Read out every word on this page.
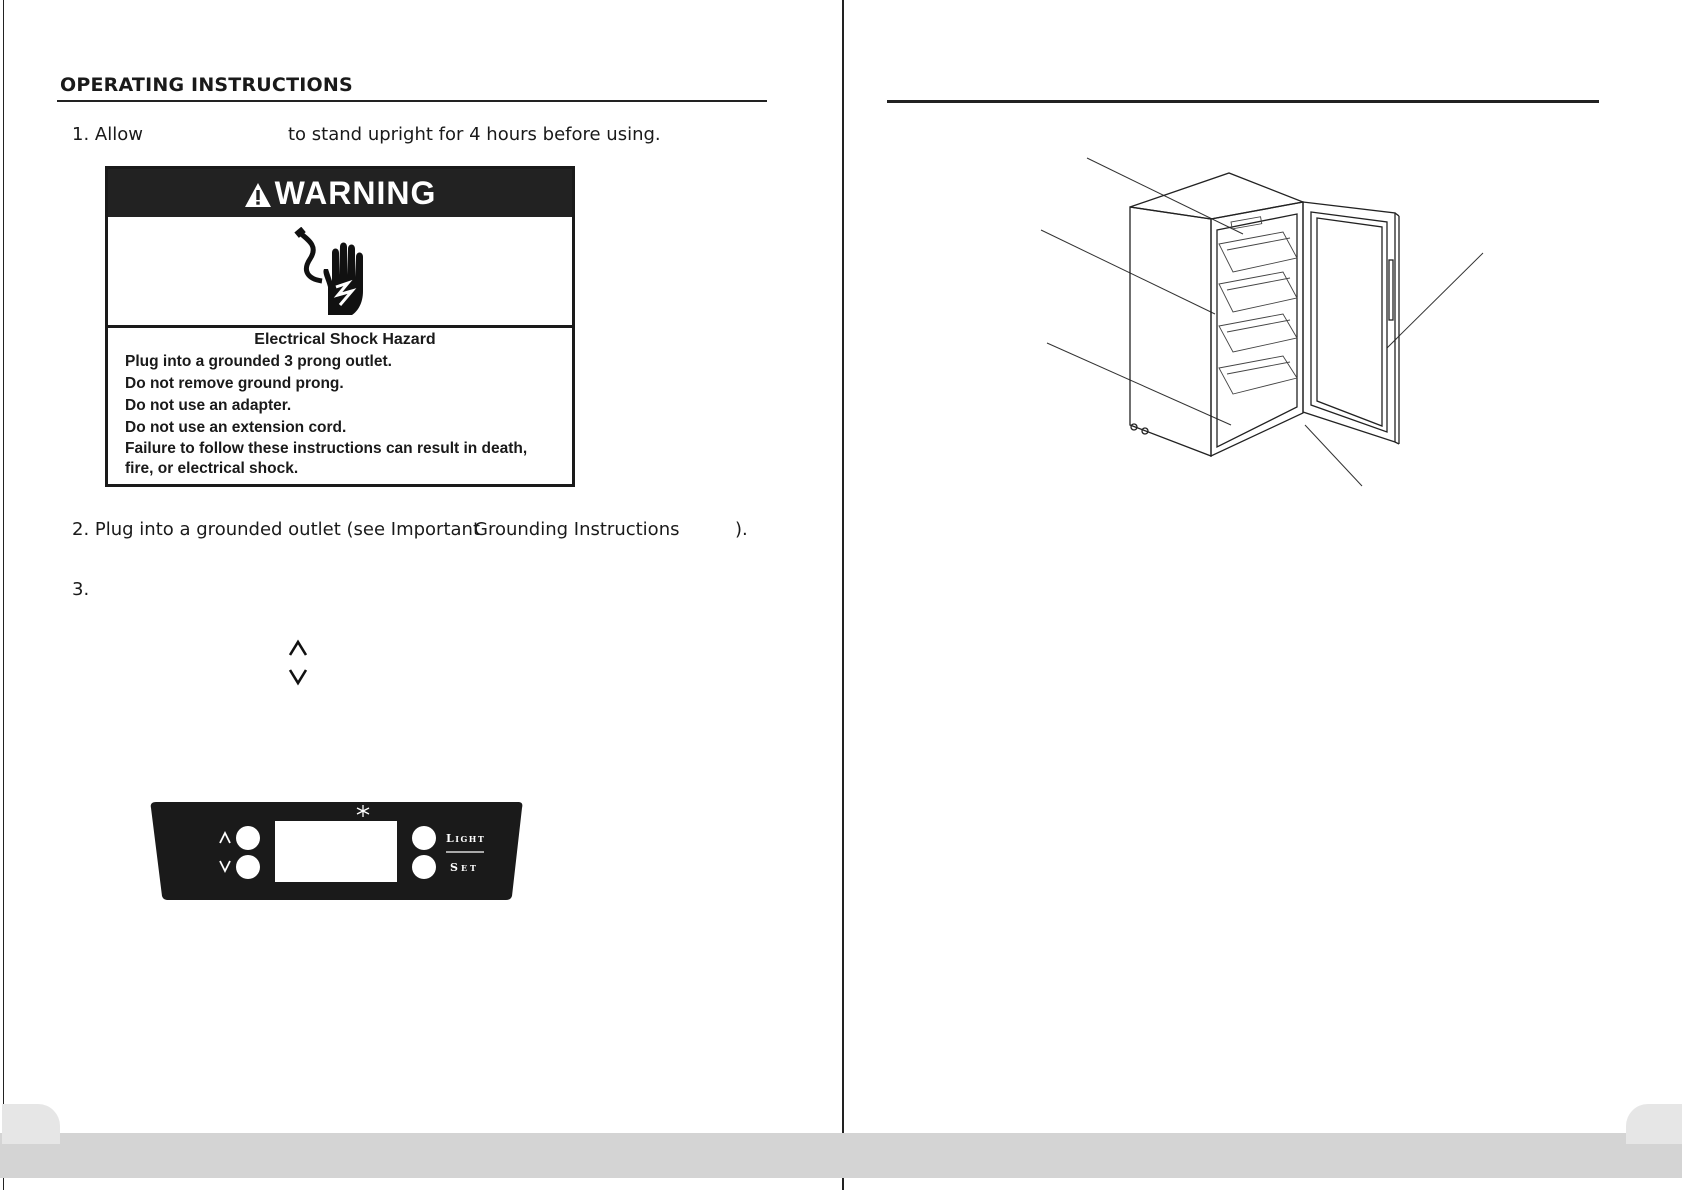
OPERATING INSTRUCTIONS
1. Allow	to stand upright for 4 hours before using.
WARNING
Electrical Shock Hazard
Plug into a grounded 3 prong outlet.
Do not remove ground prong.
Do not use an adapter.
Do not use an extension cord.
Failure to follow these instructions can result in death,
fire, or electrical shock.
2. Plug into a grounded outlet (see Important
Grounding Instructions	).
3.
Light
Set
